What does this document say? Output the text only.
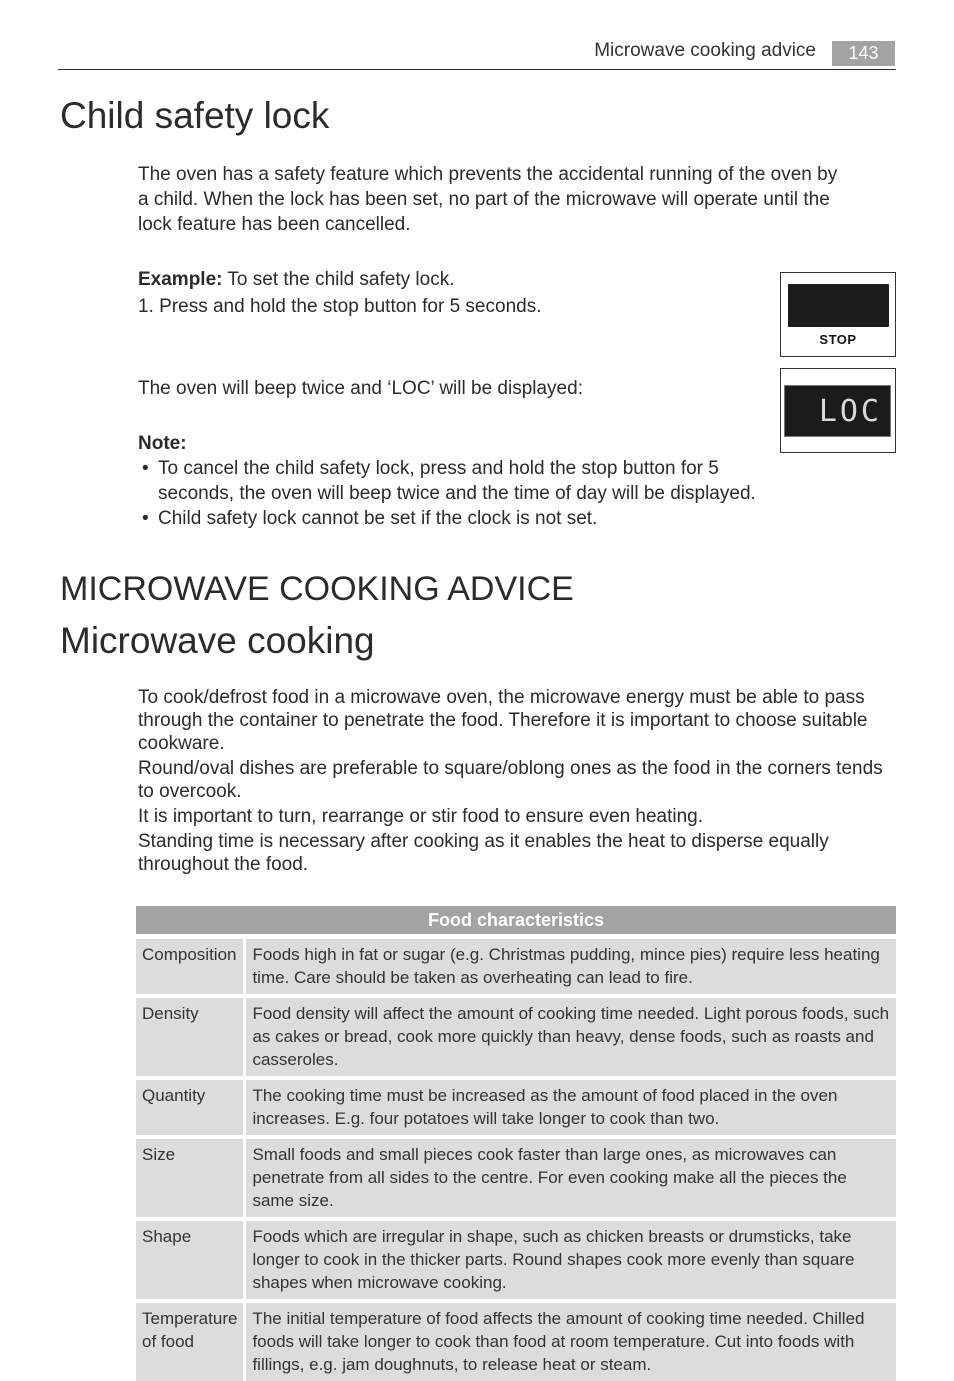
Microwave cooking advice	143
Child safety lock

The oven has a safety feature which prevents the accidental running of the oven by a child. When the lock has been set, no part of the microwave will operate until the lock feature has been cancelled.

Example: To set the child safety lock.

1. Press and hold the stop button for 5 seconds.

The oven will beep twice and ‘LOC’ will be displayed:

Note:

• To cancel the child safety lock, press and hold the stop button for 5 seconds, the oven will beep twice and the time of day will be displayed.
• Child safety lock cannot be set if the clock is not set.
STOP
LOC
MICROWAVE COOKING ADVICE
Microwave cooking

To cook/defrost food in a microwave oven, the microwave energy must be able to pass through the container to penetrate the food. Therefore it is important to choose suitable cookware.

Round/oval dishes are preferable to square/oblong ones as the food in the corners tends to overcook.

It is important to turn, rearrange or stir food to ensure even heating.

Standing time is necessary after cooking as it enables the heat to disperse equally throughout the food.

Food characteristics	
Composition	Foods high in fat or sugar (e.g. Christmas pudding, mince pies) require less heating time. Care should be taken as overheating can lead to fire.
Density	Food density will affect the amount of cooking time needed. Light porous foods, such as cakes or bread, cook more quickly than heavy, dense foods, such as roasts and casseroles.
Quantity	The cooking time must be increased as the amount of food placed in the oven increases. E.g. four potatoes will take longer to cook than two.
Size	Small foods and small pieces cook faster than large ones, as microwaves can penetrate from all sides to the centre. For even cooking make all the pieces the same size.
Shape	Foods which are irregular in shape, such as chicken breasts or drumsticks, take longer to cook in the thicker parts. Round shapes cook more evenly than square shapes when microwave cooking.
Temperature of food	The initial temperature of food affects the amount of cooking time needed. Chilled foods will take longer to cook than food at room temperature. Cut into foods with fillings, e.g. jam doughnuts, to release heat or steam.
